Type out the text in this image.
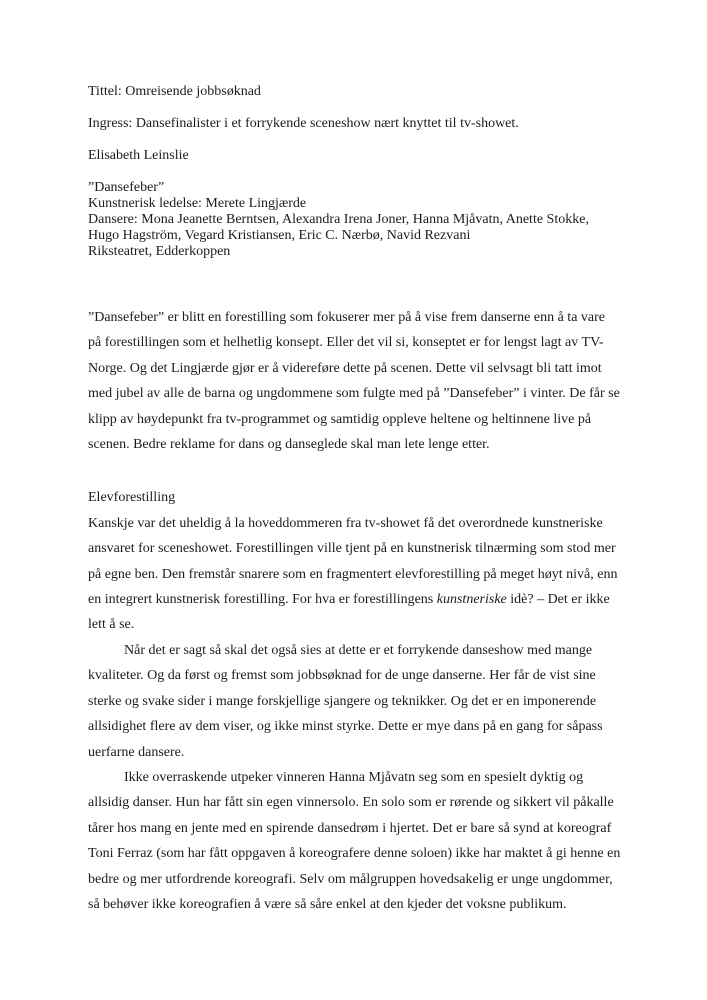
Tittel: Omreisende jobbsøknad

Ingress: Dansefinalister i et forrykende sceneshow nært knyttet til tv-showet.

Elisabeth Leinslie

”Dansefeber”
Kunstnerisk ledelse: Merete Lingjærde
Dansere: Mona Jeanette Berntsen, Alexandra Irena Joner, Hanna Mjåvatn, Anette Stokke,
Hugo Hagström, Vegard Kristiansen, Eric C. Nærbø, Navid Rezvani
Riksteatret, Edderkoppen

”Dansefeber” er blitt en forestilling som fokuserer mer på å vise frem danserne enn å ta vare på forestillingen som et helhetlig konsept. Eller det vil si, konseptet er for lengst lagt av TV-Norge. Og det Lingjærde gjør er å videreføre dette på scenen. Dette vil selvsagt bli tatt imot med jubel av alle de barna og ungdommene som fulgte med på ”Dansefeber” i vinter. De får se klipp av høydepunkt fra tv-programmet og samtidig oppleve heltene og heltinnene live på scenen. Bedre reklame for dans og danseglede skal man lete lenge etter.

Elevforestilling

Kanskje var det uheldig å la hoveddommeren fra tv-showet få det overordnede kunstneriske ansvaret for sceneshowet. Forestillingen ville tjent på en kunstnerisk tilnærming som stod mer på egne ben. Den fremstår snarere som en fragmentert elevforestilling på meget høyt nivå, enn en integrert kunstnerisk forestilling. For hva er forestillingens kunstneriske idè? – Det er ikke lett å se.

Når det er sagt så skal det også sies at dette er et forrykende danseshow med mange kvaliteter. Og da først og fremst som jobbsøknad for de unge danserne. Her får de vist sine sterke og svake sider i mange forskjellige sjangere og teknikker. Og det er en imponerende allsidighet flere av dem viser, og ikke minst styrke. Dette er mye dans på en gang for såpass uerfarne dansere.

Ikke overraskende utpeker vinneren Hanna Mjåvatn seg som en spesielt dyktig og allsidig danser. Hun har fått sin egen vinnersolo. En solo som er rørende og sikkert vil påkalle tårer hos mang en jente med en spirende dansedrøm i hjertet. Det er bare så synd at koreograf Toni Ferraz (som har fått oppgaven å koreografere denne soloen) ikke har maktet å gi henne en bedre og mer utfordrende koreografi. Selv om målgruppen hovedsakelig er unge ungdommer, så behøver ikke koreografien å være så såre enkel at den kjeder det voksne publikum.
